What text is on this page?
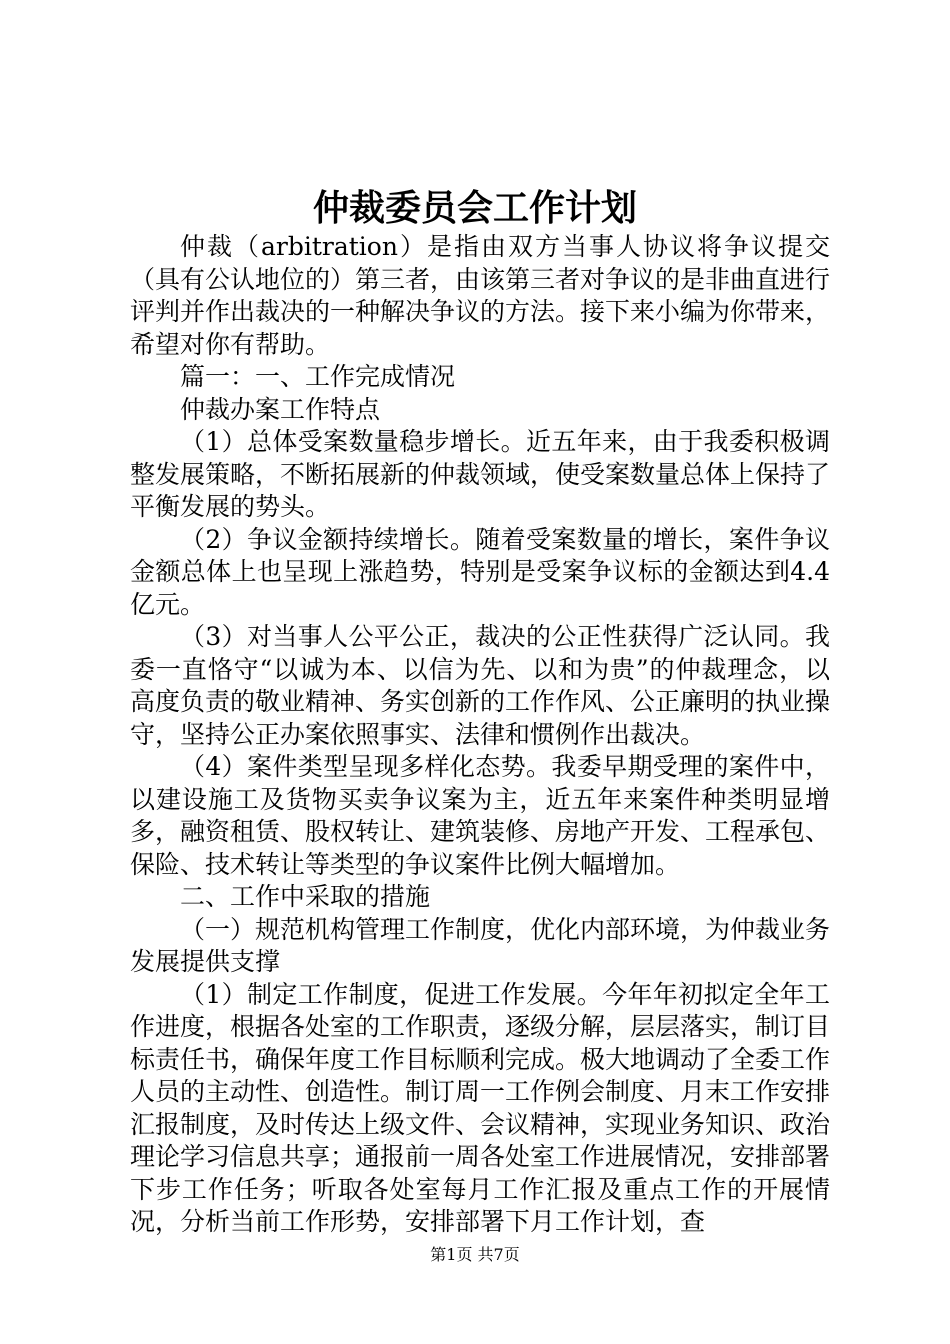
仲裁委员会工作计划

仲裁（arbitration）是指由双方当事人协议将争议提交（具有公认地位的）第三者，由该第三者对争议的是非曲直进行评判并作出裁决的一种解决争议的方法。接下来小编为你带来，希望对你有帮助。

篇一：一、工作完成情况

仲裁办案工作特点

（1）总体受案数量稳步增长。近五年来，由于我委积极调整发展策略，不断拓展新的仲裁领域，使受案数量总体上保持了平衡发展的势头。

（2）争议金额持续增长。随着受案数量的增长，案件争议金额总体上也呈现上涨趋势，特别是受案争议标的金额达到4.4亿元。

（3）对当事人公平公正，裁决的公正性获得广泛认同。我委一直恪守“以诚为本、以信为先、以和为贵”的仲裁理念，以高度负责的敬业精神、务实创新的工作作风、公正廉明的执业操守，坚持公正办案依照事实、法律和惯例作出裁决。

（4）案件类型呈现多样化态势。我委早期受理的案件中，以建设施工及货物买卖争议案为主，近五年来案件种类明显增多，融资租赁、股权转让、建筑装修、房地产开发、工程承包、保险、技术转让等类型的争议案件比例大幅增加。

二、工作中采取的措施

（一）规范机构管理工作制度，优化内部环境，为仲裁业务发展提供支撑

（1）制定工作制度，促进工作发展。今年年初拟定全年工作进度，根据各处室的工作职责，逐级分解，层层落实，制订目标责任书，确保年度工作目标顺利完成。极大地调动了全委工作人员的主动性、创造性。制订周一工作例会制度、月末工作安排汇报制度，及时传达上级文件、会议精神，实现业务知识、政治理论学习信息共享；通报前一周各处室工作进展情况，安排部署下步工作任务；听取各处室每月工作汇报及重点工作的开展情况，分析当前工作形势，安排部署下月工作计划，查

第1页 共7页
